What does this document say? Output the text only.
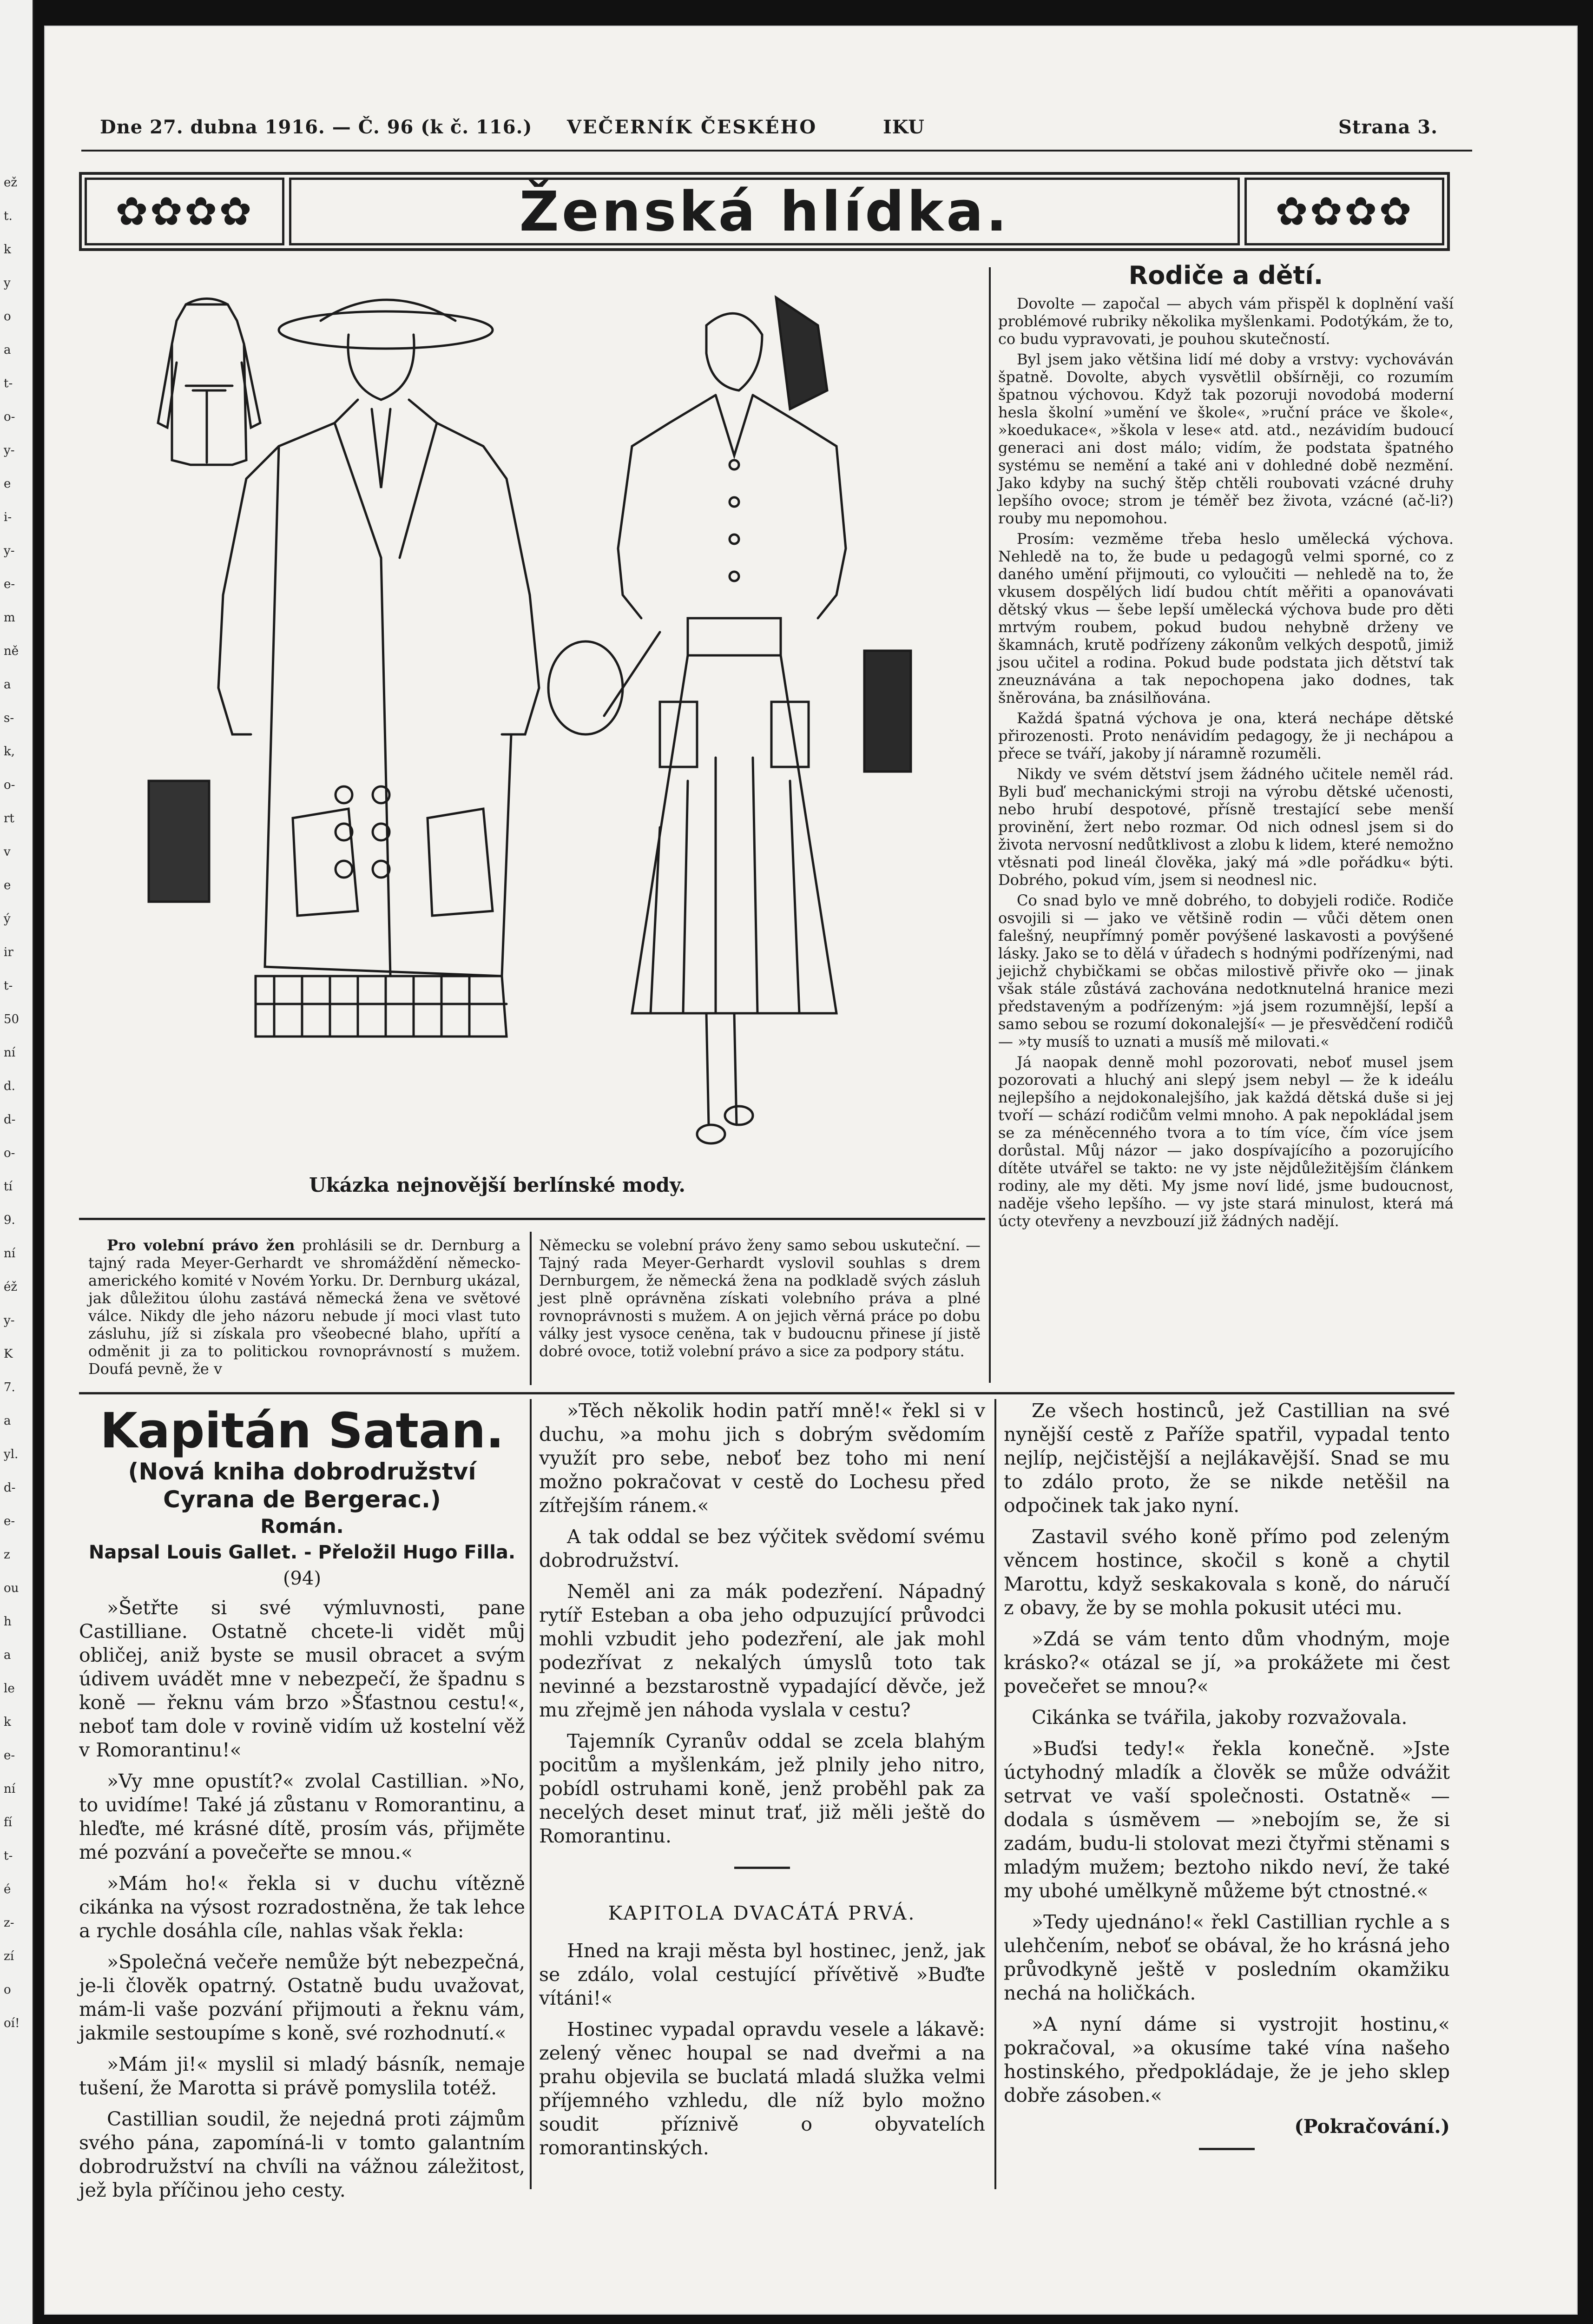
ež
t.
k
y
o
a
t-
o-
y-
e
i-
y-
e-
m
ně
a
s-
k,
o-
rt
v
e
ý
ir
t-
50
ní
d.
d-
o-
tí
9.
ní
éž
y-
K
7.
a
yl.
d-
e-
z
ou
h
a
le
k
e-
ní
fí
t-
é
z-
zí
o
oí!
Dne 27. dubna 1916. — Č. 96 (k č. 116.) VEČERNÍK ČESKÉHO	IKU	Strana 3.
✿✿✿✿	Ženská hlídka.	✿✿✿✿
Ukázka nejnovější berlínské mody.
Rodiče a dětí.

Dovolte — započal — abych vám přispěl k doplnění vaší problémové rubriky několika myšlenkami. Podotýkám, že to, co budu vypravovati, je pouhou skutečností.

Byl jsem jako většina lidí mé doby a vrstvy: vychováván špatně. Dovolte, abych vysvětlil obšírněji, co rozumím špatnou výchovou. Když tak pozoruji novodobá moderní hesla školní »umění ve škole«, »ruční práce ve škole«, »koedukace«, »škola v lese« atd. atd., nezávidím budoucí generaci ani dost málo; vidím, že podstata špatného systému se nemění a také ani v dohledné době nezmění. Jako kdyby na suchý štěp chtěli roubovati vzácné druhy lepšího ovoce; strom je téměř bez života, vzácné (ač-li?) rouby mu nepomohou.

Prosím: vezměme třeba heslo umělecká výchova. Nehledě na to, že bude u pedagogů velmi sporné, co z daného umění přijmouti, co vyloučiti — nehledě na to, že vkusem dospělých lidí budou chtít měřiti a opanovávati dětský vkus — šebe lepší umělecká výchova bude pro děti mrtvým roubem, pokud budou nehybně drženy ve škamnách, krutě podřízeny zákonům velkých despotů, jimiž jsou učitel a rodina. Pokud bude podstata jich dětství tak zneuznávána a tak nepochopena jako dodnes, tak šněrována, ba znásilňována.

Každá špatná výchova je ona, která nechápe dětské přirozenosti. Proto nenávidím pedagogy, že ji nechápou a přece se tváří, jakoby jí náramně rozuměli.

Nikdy ve svém dětství jsem žádného učitele neměl rád. Byli buď mechanickými stroji na výrobu dětské učenosti, nebo hrubí despotové, přísně trestající sebe menší provinění, žert nebo rozmar. Od nich odnesl jsem si do života nervosní nedůtklivost a zlobu k lidem, které nemožno vtěsnati pod lineál člověka, jaký má »dle pořádku« býti. Dobrého, pokud vím, jsem si neodnesl nic.

Co snad bylo ve mně dobrého, to dobyjeli rodiče. Rodiče osvojili si — jako ve většině rodin — vůči dětem onen falešný, neupřímný poměr povýšené laskavosti a povýšené lásky. Jako se to dělá v úřadech s hodnými podřízenými, nad jejichž chybičkami se občas milostivě přivře oko — jinak však stále zůstává zachována nedotknutelná hranice mezi představeným a podřízeným: »já jsem rozumnější, lepší a samo sebou se rozumí dokonalejší« — je přesvědčení rodičů — »ty musíš to uznati a musíš mě milovati.«

Já naopak denně mohl pozorovati, neboť musel jsem pozorovati a hluchý ani slepý jsem nebyl — že k ideálu nejlepšího a nejdokonalejšího, jak každá dětská duše si jej tvoří — schází rodičům velmi mnoho. A pak nepokládal jsem se za méněcenného tvora a to tím více, čím více jsem dorůstal. Můj názor — jako dospívajícího a pozorujícího dítěte utvářel se takto: ne vy jste nějdůležitějším článkem rodiny, ale my děti. My jsme noví lidé, jsme budoucnost, naděje všeho lepšího. — vy jste stará minulost, která má úcty otevřeny a nevzbouzí již žádných nadějí.

Pro volební právo žen prohlásili se dr. Dernburg a tajný rada Meyer-Gerhardt ve shromáždění německo-amerického komité v Novém Yorku. Dr. Dernburg ukázal, jak důležitou úlohu zastává německá žena ve světové válce. Nikdy dle jeho názoru nebude jí moci vlast tuto zásluhu, jíž si získala pro všeobecné blaho, upřítí a odměnit ji za to politickou rovnoprávností s mužem. Doufá pevně, že v

Německu se volební právo ženy samo sebou uskuteční. — Tajný rada Meyer-Gerhardt vyslovil souhlas s drem Dernburgem, že německá žena na podkladě svých zásluh jest plně oprávněna získati volebního práva a plné rovnoprávnosti s mužem. A on jejich věrná práce po dobu války jest vysoce ceněna, tak v budoucnu přinese jí jistě dobré ovoce, totiž volební právo a sice za podpory státu.

Kapitán Satan.
(Nová kniha dobrodružství Cyrana de Bergerac.)
Román.
Napsal Louis Gallet. - Přeložil Hugo Filla.
(94)

»Šetřte si své výmluvnosti, pane Castilliane. Ostatně chcete-li vidět můj obličej, aniž byste se musil obracet a svým údivem uvádět mne v nebezpečí, že špadnu s koně — řeknu vám brzo »Šťastnou cestu!«, neboť tam dole v rovině vidím už kostelní věž v Romorantinu!«

»Vy mne opustít?« zvolal Castillian. »No, to uvidíme! Také já zůstanu v Romorantinu, a hleďte, mé krásné dítě, prosím vás, přijměte mé pozvání a povečeřte se mnou.«

»Mám ho!« řekla si v duchu vítězně cikánka na výsost rozradostněna, že tak lehce a rychle dosáhla cíle, nahlas však řekla:

»Společná večeře nemůže být nebezpečná, je-li člověk opatrný. Ostatně budu uvažovat, mám-li vaše pozvání přijmouti a řeknu vám, jakmile sestoupíme s koně, své rozhodnutí.«

»Mám ji!« myslil si mladý básník, nemaje tušení, že Marotta si právě pomyslila totéž.

Castillian soudil, že nejedná proti zájmům svého pána, zapomíná-li v tomto galantním dobrodružství na chvíli na vážnou záležitost, jež byla příčinou jeho cesty.

»Těch několik hodin patří mně!« řekl si v duchu, »a mohu jich s dobrým svědomím využít pro sebe, neboť bez toho mi není možno pokračovat v cestě do Lochesu před zítřejším ránem.«

A tak oddal se bez výčitek svědomí svému dobrodružství.

Neměl ani za mák podezření. Nápadný rytíř Esteban a oba jeho odpuzující průvodci mohli vzbudit jeho podezření, ale jak mohl podezřívat z nekalých úmyslů toto tak nevinné a bezstarostně vypadající děvče, jež mu zřejmě jen náhoda vyslala v cestu?

Tajemník Cyranův oddal se zcela blahým pocitům a myšlenkám, jež plnily jeho nitro, pobídl ostruhami koně, jenž proběhl pak za necelých deset minut trať, již měli ještě do Romorantinu.

KAPITOLA DVACÁTÁ PRVÁ.

Hned na kraji města byl hostinec, jenž, jak se zdálo, volal cestující přívětivě »Buďte vítáni!«

Hostinec vypadal opravdu vesele a lákavě: zelený věnec houpal se nad dveřmi a na prahu objevila se buclatá mladá služka velmi příjemného vzhledu, dle níž bylo možno soudit příznivě o obyvatelích romorantinských.

Ze všech hostinců, jež Castillian na své nynější cestě z Paříže spatřil, vypadal tento nejlíp, nejčistější a nejlákavější. Snad se mu to zdálo proto, že se nikde netěšil na odpočinek tak jako nyní.

Zastavil svého koně přímo pod zeleným věncem hostince, skočil s koně a chytil Marottu, když seskakovala s koně, do náručí z obavy, že by se mohla pokusit utéci mu.

»Zdá se vám tento dům vhodným, moje krásko?« otázal se jí, »a prokážete mi čest povečeřet se mnou?«

Cikánka se tvářila, jakoby rozvažovala.

»Buďsi tedy!« řekla konečně. »Jste úctyhodný mladík a člověk se může odvážit setrvat ve vaší společnosti. Ostatně« — dodala s úsměvem — »nebojím se, že si zadám, budu-li stolovat mezi čtyřmi stěnami s mladým mužem; beztoho nikdo neví, že také my ubohé umělkyně můžeme být ctnostné.«

»Tedy ujednáno!« řekl Castillian rychle a s ulehčením, neboť se obával, že ho krásná jeho průvodkyně ještě v posledním okamžiku nechá na holičkách.

»A nyní dáme si vystrojit hostinu,« pokračoval, »a okusíme také vína našeho hostinského, předpokládaje, že je jeho sklep dobře zásoben.«

(Pokračování.)
